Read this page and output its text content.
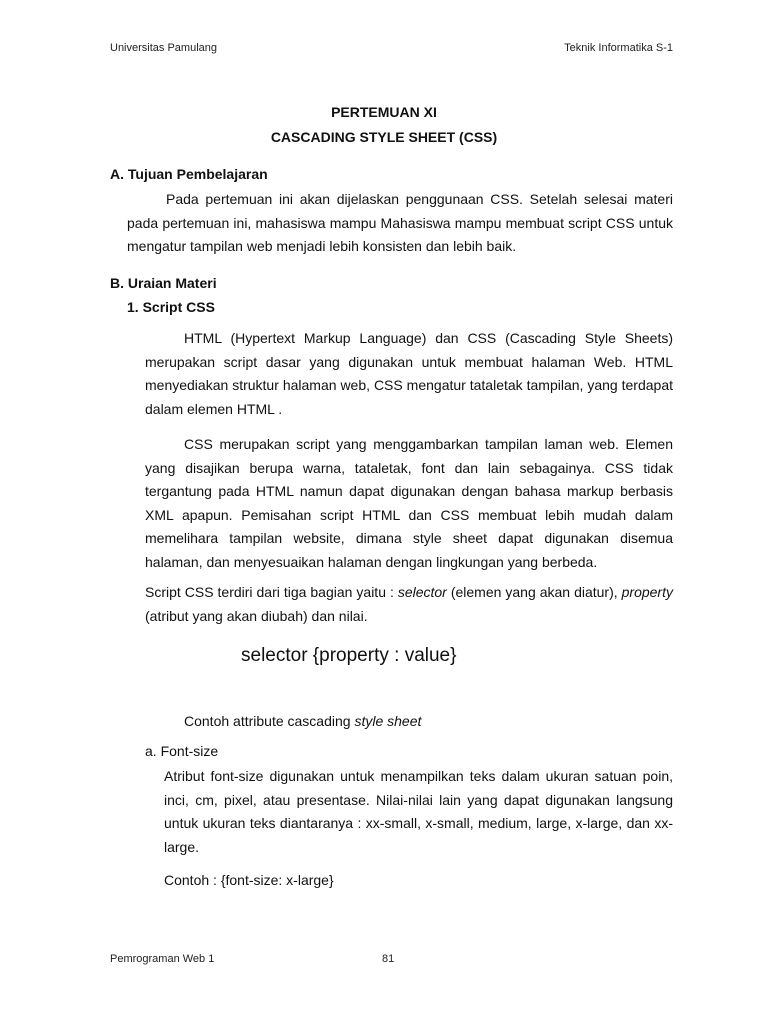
Universitas Pamulang	Teknik Informatika S-1
PERTEMUAN XI
CASCADING STYLE SHEET (CSS)
A. Tujuan Pembelajaran

Pada pertemuan ini akan dijelaskan penggunaan CSS. Setelah selesai materi pada pertemuan ini, mahasiswa mampu Mahasiswa mampu membuat script CSS untuk mengatur tampilan web menjadi lebih konsisten dan lebih baik.

B. Uraian Materi
1. Script CSS

HTML (Hypertext Markup Language) dan CSS (Cascading Style Sheets) merupakan script dasar yang digunakan untuk membuat halaman Web. HTML menyediakan struktur halaman web, CSS mengatur tataletak tampilan, yang terdapat dalam elemen HTML .

CSS merupakan script yang menggambarkan tampilan laman web. Elemen yang disajikan berupa warna, tataletak, font dan lain sebagainya. CSS tidak tergantung pada HTML namun dapat digunakan dengan bahasa markup berbasis XML apapun. Pemisahan script HTML dan CSS membuat lebih mudah dalam memelihara tampilan website, dimana style sheet dapat digunakan disemua halaman, dan menyesuaikan halaman dengan lingkungan yang berbeda.

Script CSS terdiri dari tiga bagian yaitu : selector (elemen yang akan diatur), property (atribut yang akan diubah) dan nilai.

selector {property : value}
Contoh attribute cascading style sheet
a. Font-size

Atribut font-size digunakan untuk menampilkan teks dalam ukuran satuan poin, inci, cm, pixel, atau presentase. Nilai-nilai lain yang dapat digunakan langsung untuk ukuran teks diantaranya : xx-small, x-small, medium, large, x-large, dan xx-large.

Contoh : {font-size: x-large}
Pemrograman Web 1	81
